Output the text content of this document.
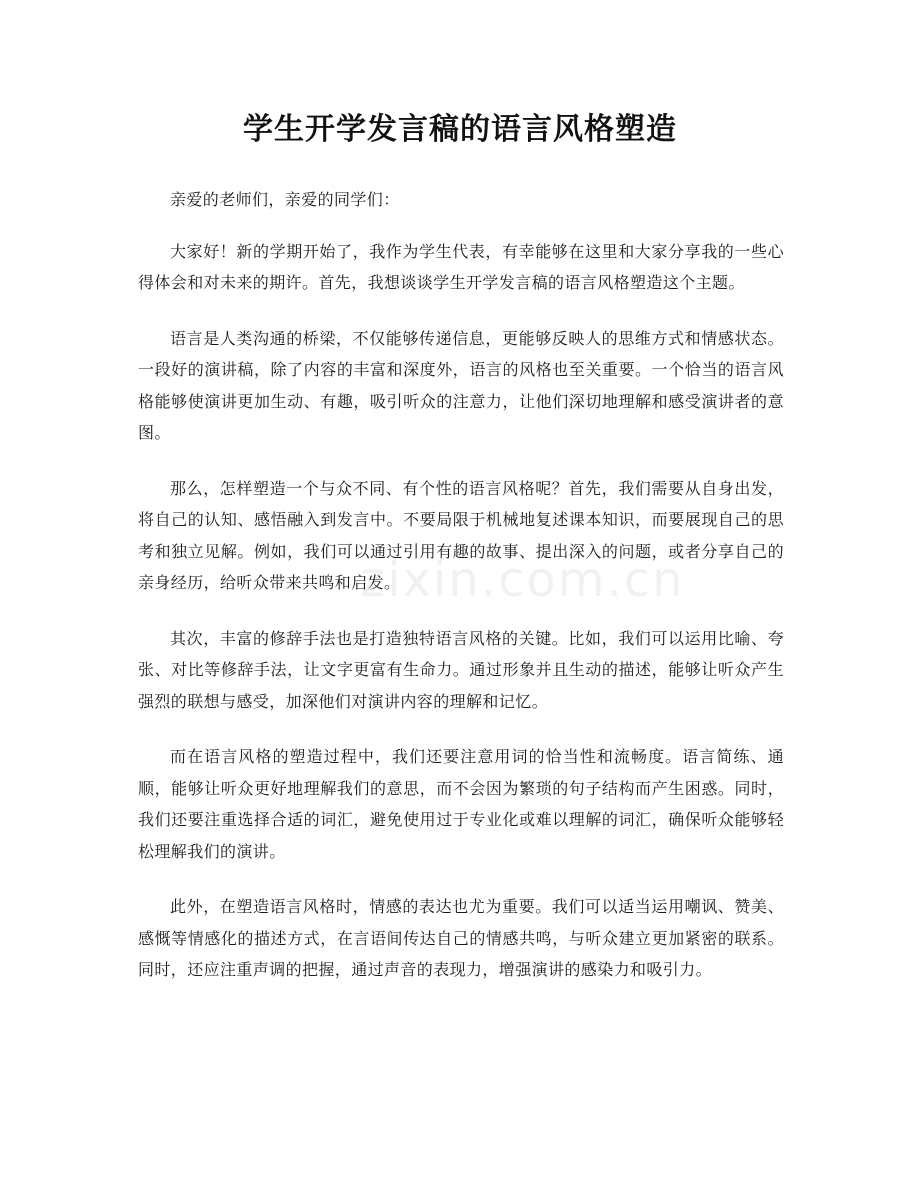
zixin.com.cn
学生开学发言稿的语言风格塑造

亲爱的老师们，亲爱的同学们：

大家好！新的学期开始了，我作为学生代表，有幸能够在这里和大家分享我的一些心得体会和对未来的期许。首先，我想谈谈学生开学发言稿的语言风格塑造这个主题。

语言是人类沟通的桥梁，不仅能够传递信息，更能够反映人的思维方式和情感状态。一段好的演讲稿，除了内容的丰富和深度外，语言的风格也至关重要。一个恰当的语言风格能够使演讲更加生动、有趣，吸引听众的注意力，让他们深切地理解和感受演讲者的意图。

那么，怎样塑造一个与众不同、有个性的语言风格呢？首先，我们需要从自身出发，将自己的认知、感悟融入到发言中。不要局限于机械地复述课本知识，而要展现自己的思考和独立见解。例如，我们可以通过引用有趣的故事、提出深入的问题，或者分享自己的亲身经历，给听众带来共鸣和启发。

其次，丰富的修辞手法也是打造独特语言风格的关键。比如，我们可以运用比喻、夸张、对比等修辞手法，让文字更富有生命力。通过形象并且生动的描述，能够让听众产生强烈的联想与感受，加深他们对演讲内容的理解和记忆。

而在语言风格的塑造过程中，我们还要注意用词的恰当性和流畅度。语言简练、通顺，能够让听众更好地理解我们的意思，而不会因为繁琐的句子结构而产生困惑。同时，我们还要注重选择合适的词汇，避免使用过于专业化或难以理解的词汇，确保听众能够轻松理解我们的演讲。

此外，在塑造语言风格时，情感的表达也尤为重要。我们可以适当运用嘲讽、赞美、感慨等情感化的描述方式，在言语间传达自己的情感共鸣，与听众建立更加紧密的联系。同时，还应注重声调的把握，通过声音的表现力，增强演讲的感染力和吸引力。
